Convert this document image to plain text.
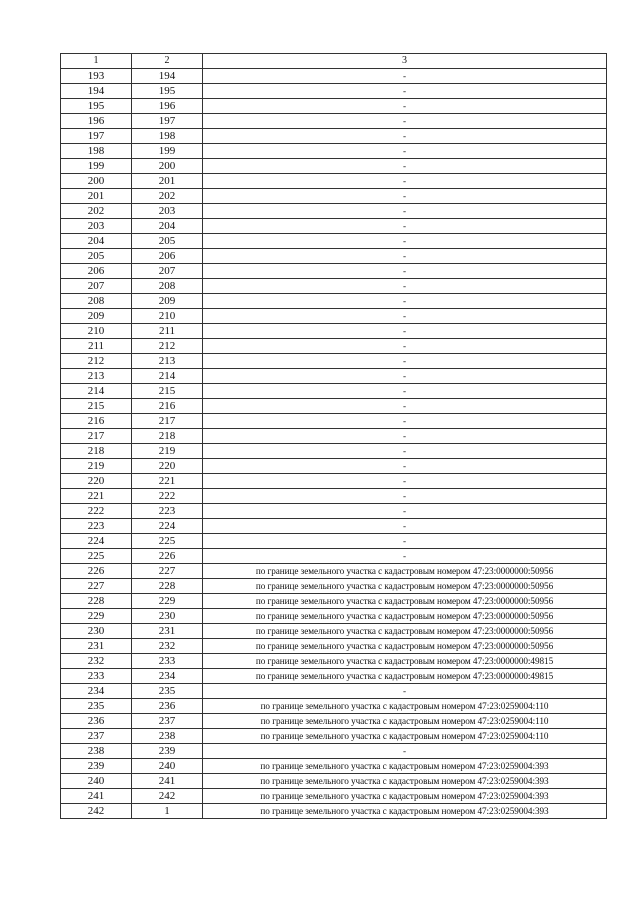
1	2	3
193	194	-
194	195	-
195	196	-
196	197	-
197	198	-
198	199	-
199	200	-
200	201	-
201	202	-
202	203	-
203	204	-
204	205	-
205	206	-
206	207	-
207	208	-
208	209	-
209	210	-
210	211	-
211	212	-
212	213	-
213	214	-
214	215	-
215	216	-
216	217	-
217	218	-
218	219	-
219	220	-
220	221	-
221	222	-
222	223	-
223	224	-
224	225	-
225	226	-
226	227	по границе земельного участка с кадастровым номером 47:23:0000000:50956
227	228	по границе земельного участка с кадастровым номером 47:23:0000000:50956
228	229	по границе земельного участка с кадастровым номером 47:23:0000000:50956
229	230	по границе земельного участка с кадастровым номером 47:23:0000000:50956
230	231	по границе земельного участка с кадастровым номером 47:23:0000000:50956
231	232	по границе земельного участка с кадастровым номером 47:23:0000000:50956
232	233	по границе земельного участка с кадастровым номером 47:23:0000000:49815
233	234	по границе земельного участка с кадастровым номером 47:23:0000000:49815
234	235	-
235	236	по границе земельного участка с кадастровым номером 47:23:0259004:110
236	237	по границе земельного участка с кадастровым номером 47:23:0259004:110
237	238	по границе земельного участка с кадастровым номером 47:23:0259004:110
238	239	-
239	240	по границе земельного участка с кадастровым номером 47:23:0259004:393
240	241	по границе земельного участка с кадастровым номером 47:23:0259004:393
241	242	по границе земельного участка с кадастровым номером 47:23:0259004:393
242	1	по границе земельного участка с кадастровым номером 47:23:0259004:393
